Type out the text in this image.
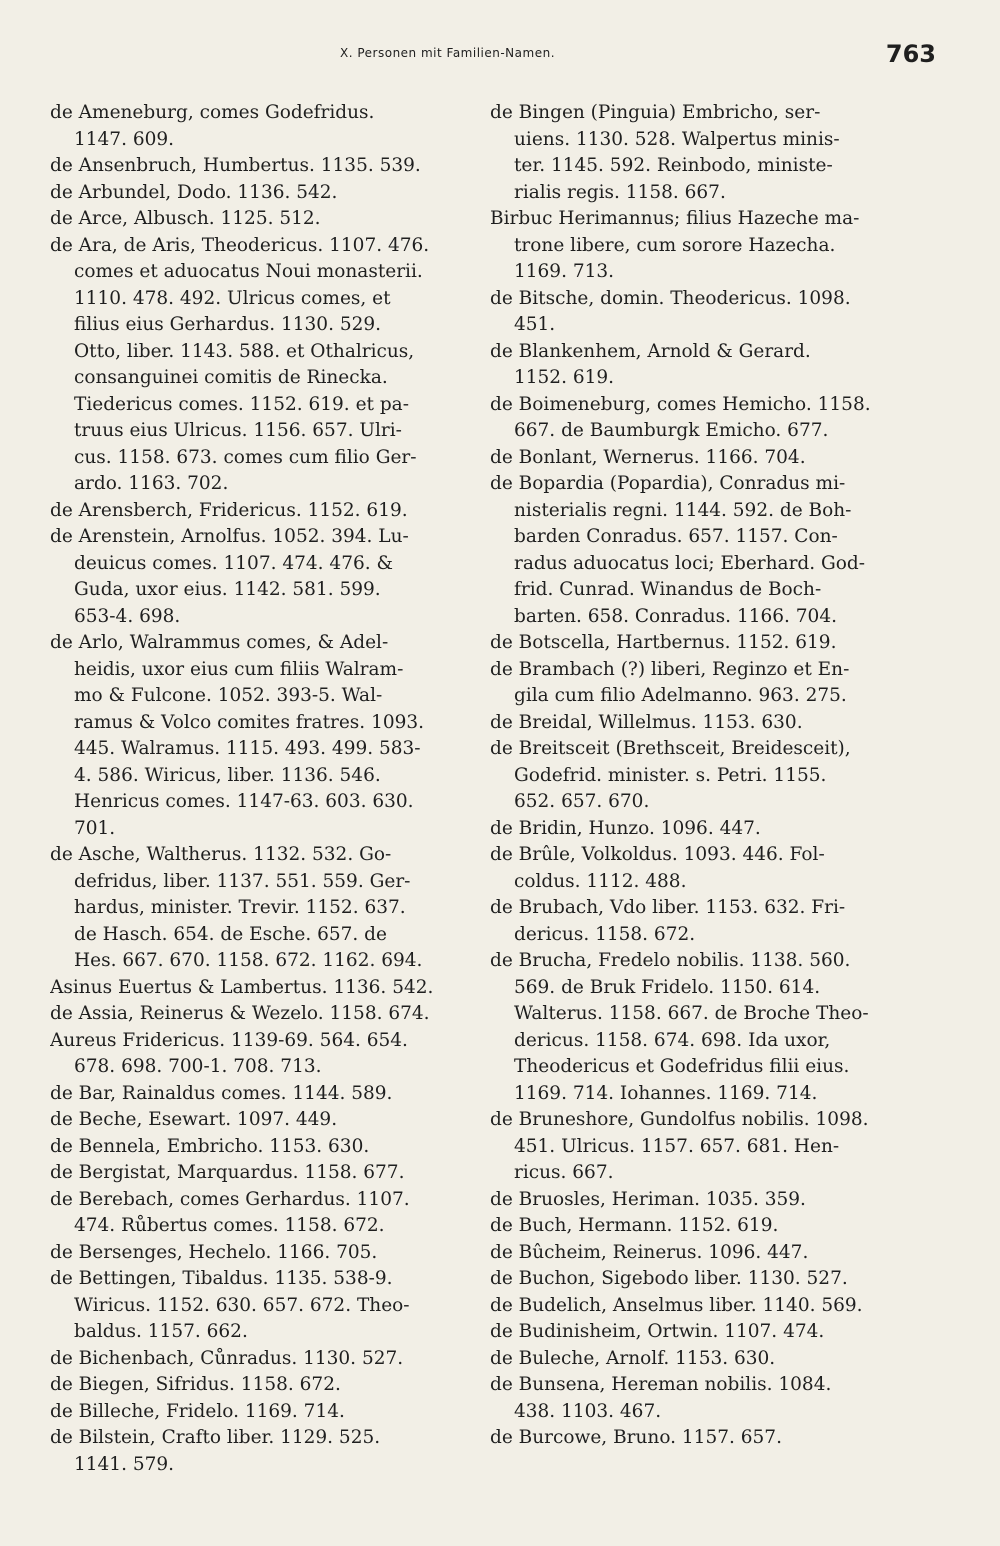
X. Personen mit Familien-Namen.	763
de Ameneburg, comes Godefridus.
1147. 609.
de Ansenbruch, Humbertus. 1135. 539.
de Arbundel, Dodo. 1136. 542.
de Arce, Albusch. 1125. 512.
de Ara, de Aris, Theodericus. 1107. 476.
comes et aduocatus Noui monasterii.
1110. 478. 492. Ulricus comes, et
filius eius Gerhardus. 1130. 529.
Otto, liber. 1143. 588. et Othalricus,
consanguinei comitis de Rinecka.
Tiedericus comes. 1152. 619. et pa-
truus eius Ulricus. 1156. 657. Ulri-
cus. 1158. 673. comes cum filio Ger-
ardo. 1163. 702.
de Arensberch, Fridericus. 1152. 619.
de Arenstein, Arnolfus. 1052. 394. Lu-
deuicus comes. 1107. 474. 476. &
Guda, uxor eius. 1142. 581. 599.
653-4. 698.
de Arlo, Walrammus comes, & Adel-
heidis, uxor eius cum filiis Walram-
mo & Fulcone. 1052. 393-5. Wal-
ramus & Volco comites fratres. 1093.
445. Walramus. 1115. 493. 499. 583-
4. 586. Wiricus, liber. 1136. 546.
Henricus comes. 1147-63. 603. 630.
701.
de Asche, Waltherus. 1132. 532. Go-
defridus, liber. 1137. 551. 559. Ger-
hardus, minister. Trevir. 1152. 637.
de Hasch. 654. de Esche. 657. de
Hes. 667. 670. 1158. 672. 1162. 694.
Asinus Euertus & Lambertus. 1136. 542.
de Assia, Reinerus & Wezelo. 1158. 674.
Aureus Fridericus. 1139-69. 564. 654.
678. 698. 700-1. 708. 713.
de Bar, Rainaldus comes. 1144. 589.
de Beche, Esewart. 1097. 449.
de Bennela, Embricho. 1153. 630.
de Bergistat, Marquardus. 1158. 677.
de Berebach, comes Gerhardus. 1107.
474. Růbertus comes. 1158. 672.
de Bersenges, Hechelo. 1166. 705.
de Bettingen, Tibaldus. 1135. 538-9.
Wiricus. 1152. 630. 657. 672. Theo-
baldus. 1157. 662.
de Bichenbach, Cůnradus. 1130. 527.
de Biegen, Sifridus. 1158. 672.
de Billeche, Fridelo. 1169. 714.
de Bilstein, Crafto liber. 1129. 525.
1141. 579.
de Bingen (Pinguia) Embricho, ser-
uiens. 1130. 528. Walpertus minis-
ter. 1145. 592. Reinbodo, ministe-
rialis regis. 1158. 667.
Birbuc Herimannus; filius Hazeche ma-
trone libere, cum sorore Hazecha.
1169. 713.
de Bitsche, domin. Theodericus. 1098.
451.
de Blankenhem, Arnold & Gerard.
1152. 619.
de Boimeneburg, comes Hemicho. 1158.
667. de Baumburgk Emicho. 677.
de Bonlant, Wernerus. 1166. 704.
de Bopardia (Popardia), Conradus mi-
nisterialis regni. 1144. 592. de Boh-
barden Conradus. 657. 1157. Con-
radus aduocatus loci; Eberhard. God-
frid. Cunrad. Winandus de Boch-
barten. 658. Conradus. 1166. 704.
de Botscella, Hartbernus. 1152. 619.
de Brambach (?) liberi, Reginzo et En-
gila cum filio Adelmanno. 963. 275.
de Breidal, Willelmus. 1153. 630.
de Breitsceit (Brethsceit, Breidesceit),
Godefrid. minister. s. Petri. 1155.
652. 657. 670.
de Bridin, Hunzo. 1096. 447.
de Brûle, Volkoldus. 1093. 446. Fol-
coldus. 1112. 488.
de Brubach, Vdo liber. 1153. 632. Fri-
dericus. 1158. 672.
de Brucha, Fredelo nobilis. 1138. 560.
569. de Bruk Fridelo. 1150. 614.
Walterus. 1158. 667. de Broche Theo-
dericus. 1158. 674. 698. Ida uxor,
Theodericus et Godefridus filii eius.
1169. 714. Iohannes. 1169. 714.
de Bruneshore, Gundolfus nobilis. 1098.
451. Ulricus. 1157. 657. 681. Hen-
ricus. 667.
de Bruosles, Heriman. 1035. 359.
de Buch, Hermann. 1152. 619.
de Bûcheim, Reinerus. 1096. 447.
de Buchon, Sigebodo liber. 1130. 527.
de Budelich, Anselmus liber. 1140. 569.
de Budinisheim, Ortwin. 1107. 474.
de Buleche, Arnolf. 1153. 630.
de Bunsena, Hereman nobilis. 1084.
438. 1103. 467.
de Burcowe, Bruno. 1157. 657.
